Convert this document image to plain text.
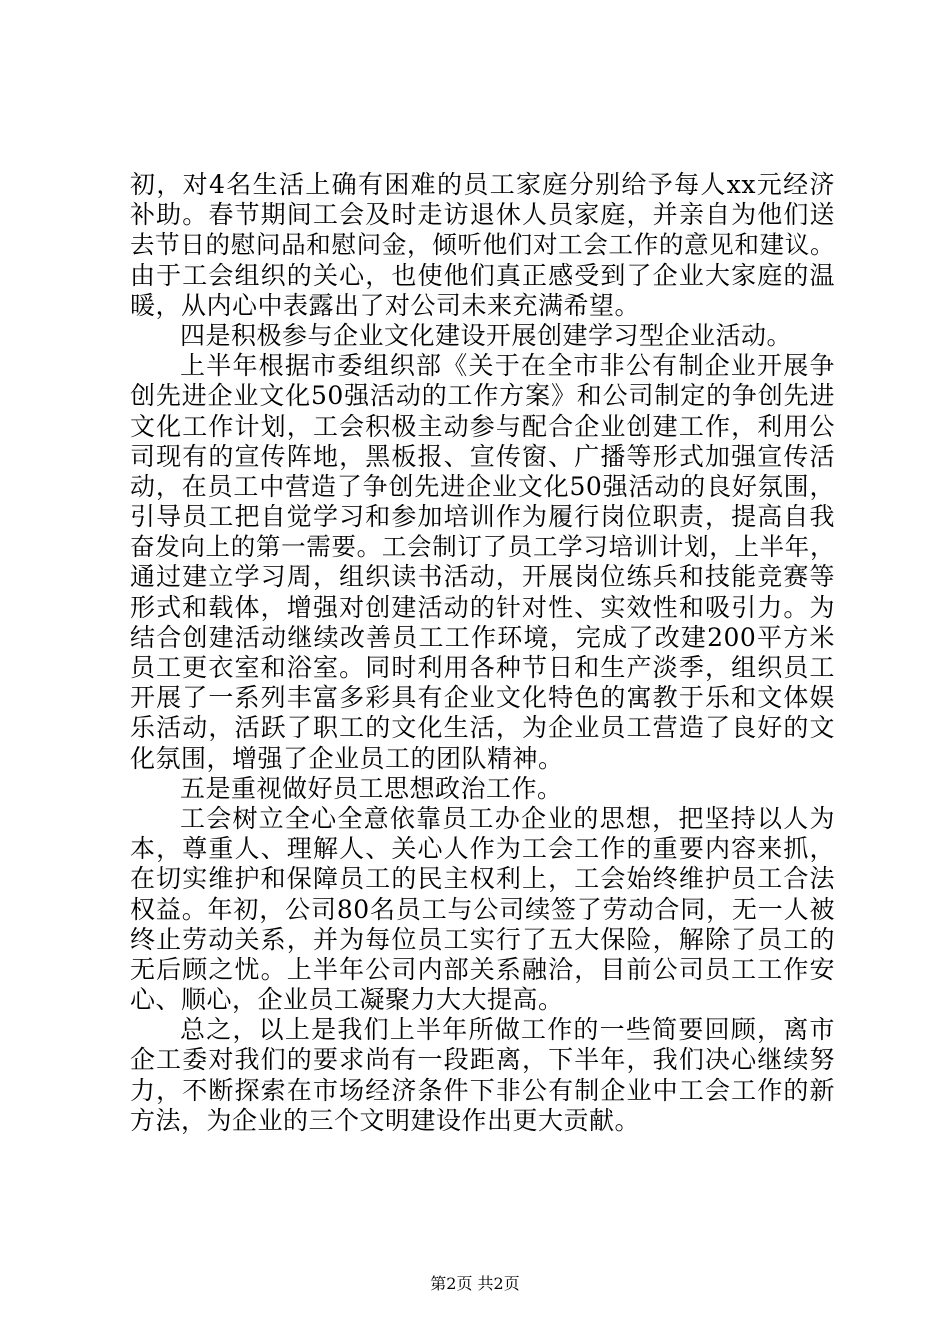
初，对4名生活上确有困难的员工家庭分别给予每人xx元经济
补助。春节期间工会及时走访退休人员家庭，并亲自为他们送
去节日的慰问品和慰问金，倾听他们对工会工作的意见和建议。
由于工会组织的关心，也使他们真正感受到了企业大家庭的温
暖，从内心中表露出了对公司未来充满希望。
四是积极参与企业文化建设开展创建学习型企业活动。
上半年根据市委组织部《关于在全市非公有制企业开展争
创先进企业文化50强活动的工作方案》和公司制定的争创先进
文化工作计划，工会积极主动参与配合企业创建工作，利用公
司现有的宣传阵地，黑板报、宣传窗、广播等形式加强宣传活
动，在员工中营造了争创先进企业文化50强活动的良好氛围，
引导员工把自觉学习和参加培训作为履行岗位职责，提高自我
奋发向上的第一需要。工会制订了员工学习培训计划，上半年，
通过建立学习周，组织读书活动，开展岗位练兵和技能竞赛等
形式和载体，增强对创建活动的针对性、实效性和吸引力。为
结合创建活动继续改善员工工作环境，完成了改建200平方米
员工更衣室和浴室。同时利用各种节日和生产淡季，组织员工
开展了一系列丰富多彩具有企业文化特色的寓教于乐和文体娱
乐活动，活跃了职工的文化生活，为企业员工营造了良好的文
化氛围，增强了企业员工的团队精神。
五是重视做好员工思想政治工作。
工会树立全心全意依靠员工办企业的思想，把坚持以人为
本，尊重人、理解人、关心人作为工会工作的重要内容来抓，
在切实维护和保障员工的民主权利上，工会始终维护员工合法
权益。年初，公司80名员工与公司续签了劳动合同，无一人被
终止劳动关系，并为每位员工实行了五大保险，解除了员工的
无后顾之忧。上半年公司内部关系融洽，目前公司员工工作安
心、顺心，企业员工凝聚力大大提高。
总之，以上是我们上半年所做工作的一些简要回顾，离市
企工委对我们的要求尚有一段距离，下半年，我们决心继续努
力，不断探索在市场经济条件下非公有制企业中工会工作的新
方法，为企业的三个文明建设作出更大贡献。
第2页 共2页
